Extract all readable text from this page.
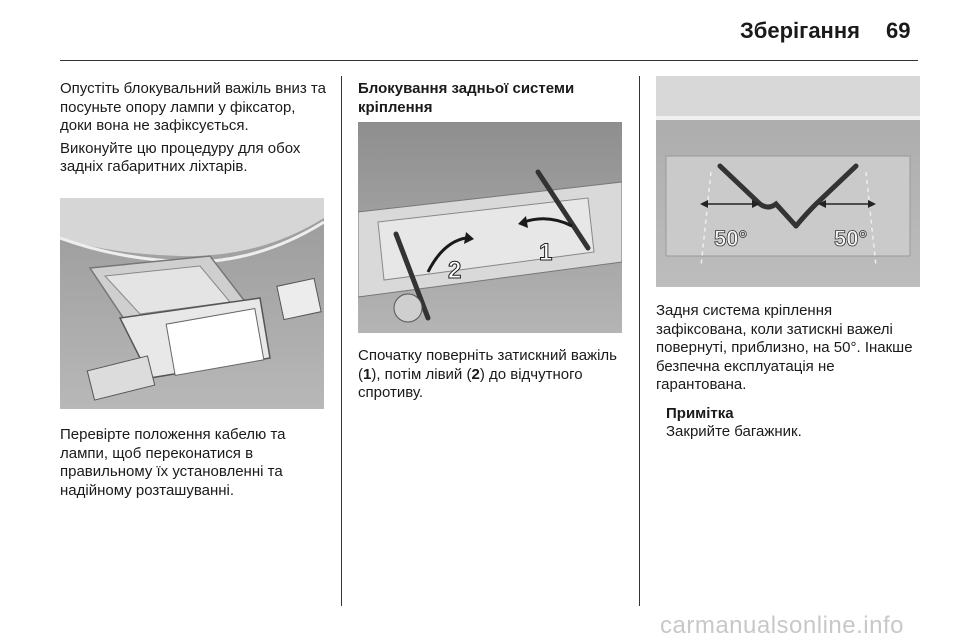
Зберігання 69

Опустіть блокувальний важіль вниз та посуньте опору лампи у фіксатор, доки вона не зафіксується.

Виконуйте цю процедуру для обох задніх габаритних ліхтарів.

Перевірте положення кабелю та лампи, щоб переконатися в правильному їх установленні та надійному розташуванні.

Блокування задньої системи кріплення
1
2

Спочатку поверніть затискний важіль (1), потім лівий (2) до відчутного спротиву.

50°	50°

Задня система кріплення зафіксована, коли затискні важелі повернуті, приблизно, на 50°. Інакше безпечна експлуатація не гарантована.

Примітка

Закрийте багажник.

carmanualsonline.info
